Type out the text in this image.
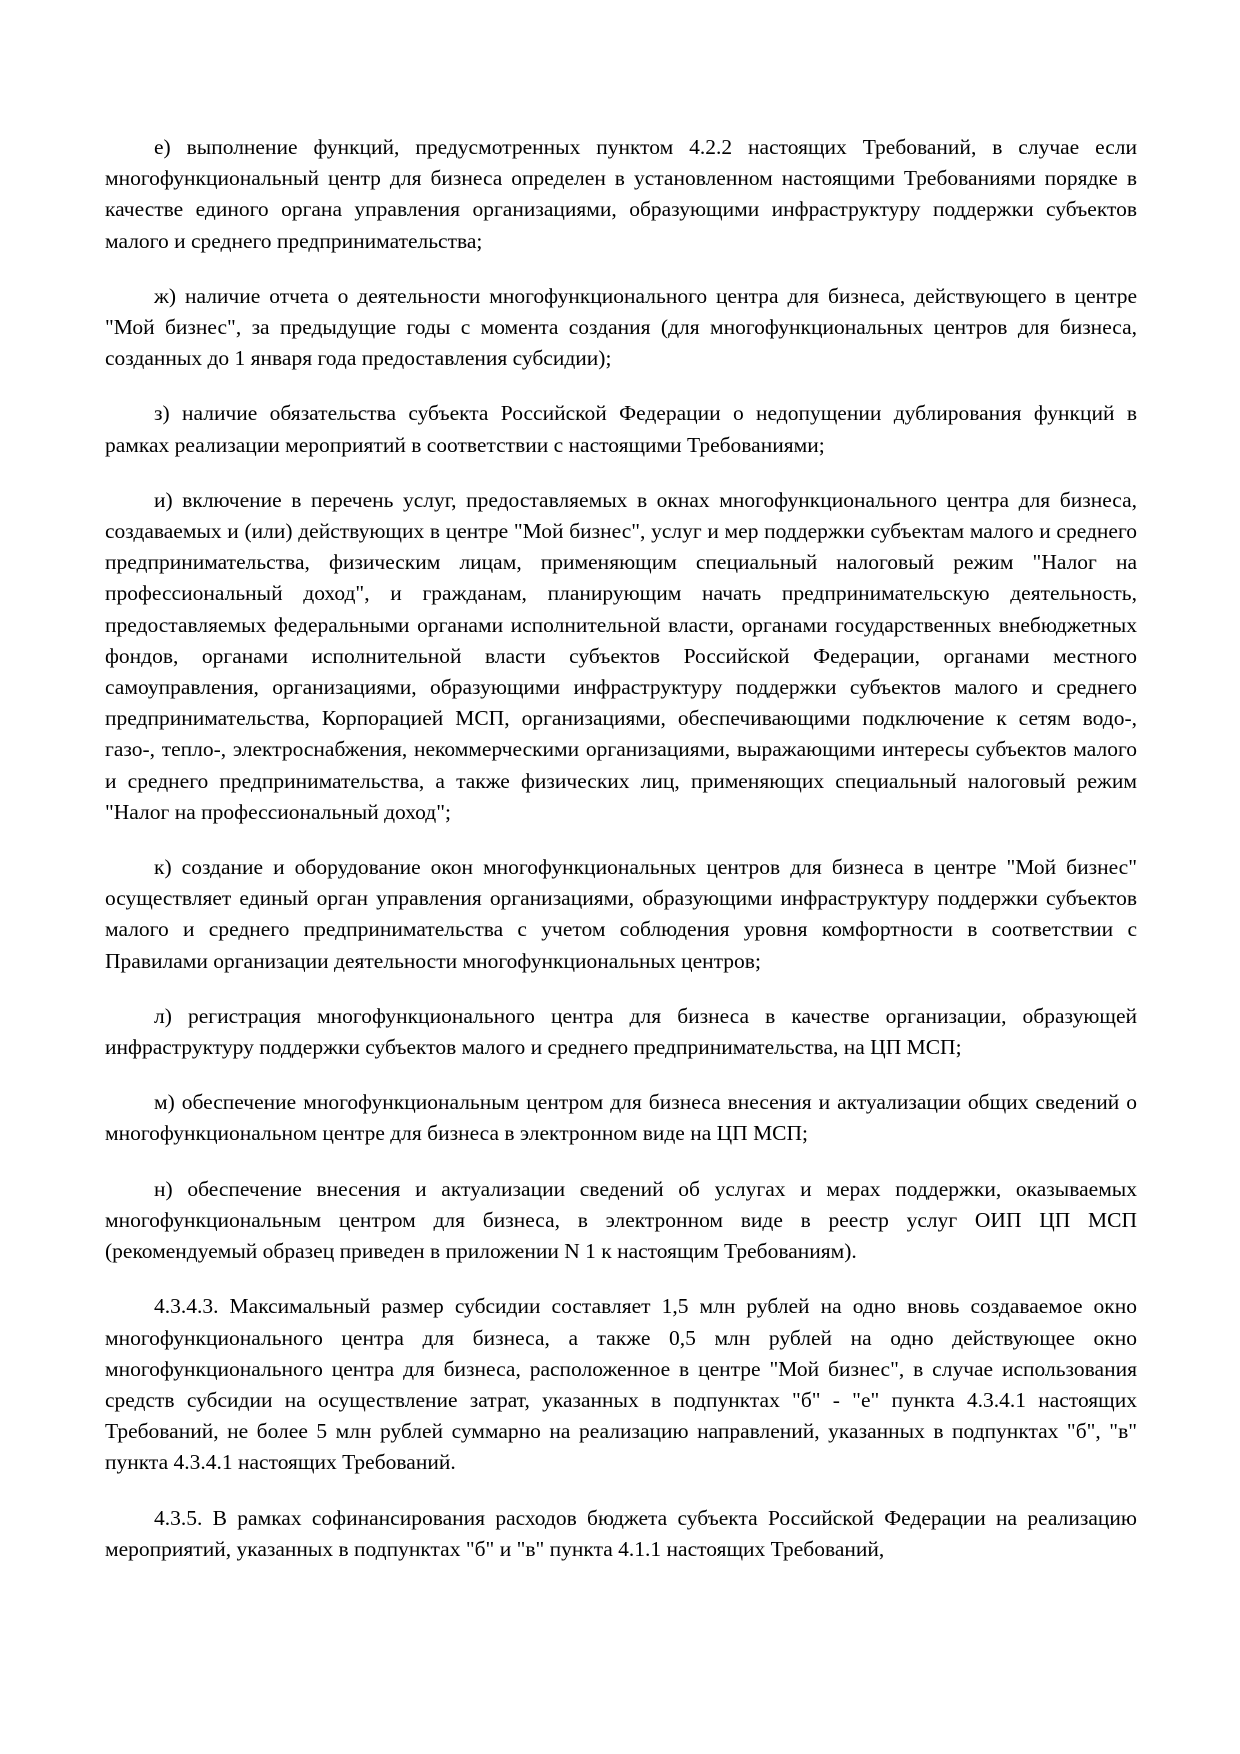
е) выполнение функций, предусмотренных пунктом 4.2.2 настоящих Требований, в случае если многофункциональный центр для бизнеса определен в установленном настоящими Требованиями порядке в качестве единого органа управления организациями, образующими инфраструктуру поддержки субъектов малого и среднего предпринимательства;

ж) наличие отчета о деятельности многофункционального центра для бизнеса, действующего в центре "Мой бизнес", за предыдущие годы с момента создания (для многофункциональных центров для бизнеса, созданных до 1 января года предоставления субсидии);

з) наличие обязательства субъекта Российской Федерации о недопущении дублирования функций в рамках реализации мероприятий в соответствии с настоящими Требованиями;

и) включение в перечень услуг, предоставляемых в окнах многофункционального центра для бизнеса, создаваемых и (или) действующих в центре "Мой бизнес", услуг и мер поддержки субъектам малого и среднего предпринимательства, физическим лицам, применяющим специальный налоговый режим "Налог на профессиональный доход", и гражданам, планирующим начать предпринимательскую деятельность, предоставляемых федеральными органами исполнительной власти, органами государственных внебюджетных фондов, органами исполнительной власти субъектов Российской Федерации, органами местного самоуправления, организациями, образующими инфраструктуру поддержки субъектов малого и среднего предпринимательства, Корпорацией МСП, организациями, обеспечивающими подключение к сетям водо-, газо-, тепло-, электроснабжения, некоммерческими организациями, выражающими интересы субъектов малого и среднего предпринимательства, а также физических лиц, применяющих специальный налоговый режим "Налог на профессиональный доход";

к) создание и оборудование окон многофункциональных центров для бизнеса в центре "Мой бизнес" осуществляет единый орган управления организациями, образующими инфраструктуру поддержки субъектов малого и среднего предпринимательства с учетом соблюдения уровня комфортности в соответствии с Правилами организации деятельности многофункциональных центров;

л) регистрация многофункционального центра для бизнеса в качестве организации, образующей инфраструктуру поддержки субъектов малого и среднего предпринимательства, на ЦП МСП;

м) обеспечение многофункциональным центром для бизнеса внесения и актуализации общих сведений о многофункциональном центре для бизнеса в электронном виде на ЦП МСП;

н) обеспечение внесения и актуализации сведений об услугах и мерах поддержки, оказываемых многофункциональным центром для бизнеса, в электронном виде в реестр услуг ОИП ЦП МСП (рекомендуемый образец приведен в приложении N 1 к настоящим Требованиям).

4.3.4.3. Максимальный размер субсидии составляет 1,5 млн рублей на одно вновь создаваемое окно многофункционального центра для бизнеса, а также 0,5 млн рублей на одно действующее окно многофункционального центра для бизнеса, расположенное в центре "Мой бизнес", в случае использования средств субсидии на осуществление затрат, указанных в подпунктах "б" - "е" пункта 4.3.4.1 настоящих Требований, не более 5 млн рублей суммарно на реализацию направлений, указанных в подпунктах "б", "в" пункта 4.3.4.1 настоящих Требований.

4.3.5. В рамках софинансирования расходов бюджета субъекта Российской Федерации на реализацию мероприятий, указанных в подпунктах "б" и "в" пункта 4.1.1 настоящих Требований,
